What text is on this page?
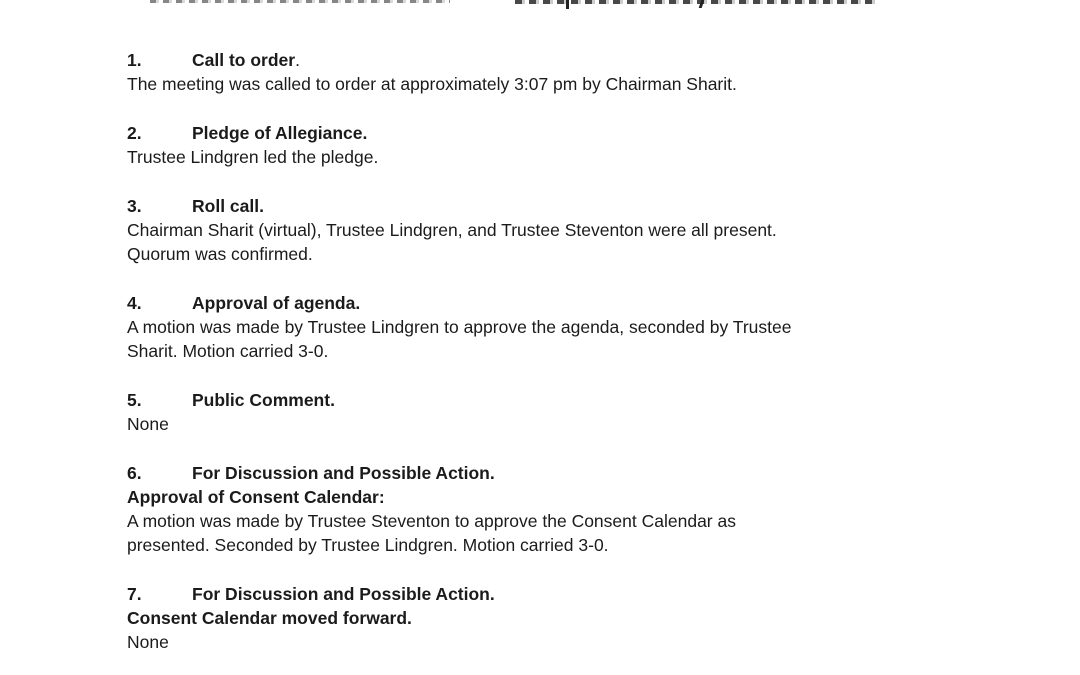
1.	Call to order.
The meeting was called to order at approximately 3:07 pm by Chairman Sharit.
2.	Pledge of Allegiance.
Trustee Lindgren led the pledge.
3.	Roll call.
Chairman Sharit (virtual), Trustee Lindgren, and Trustee Steventon were all present.
Quorum was confirmed.
4.	Approval of agenda.
A motion was made by Trustee Lindgren to approve the agenda, seconded by Trustee
Sharit. Motion carried 3-0.
5.	Public Comment.
None
6.	For Discussion and Possible Action.
Approval of Consent Calendar:
A motion was made by Trustee Steventon to approve the Consent Calendar as
presented. Seconded by Trustee Lindgren. Motion carried 3-0.
7.	For Discussion and Possible Action.
Consent Calendar moved forward.
None
